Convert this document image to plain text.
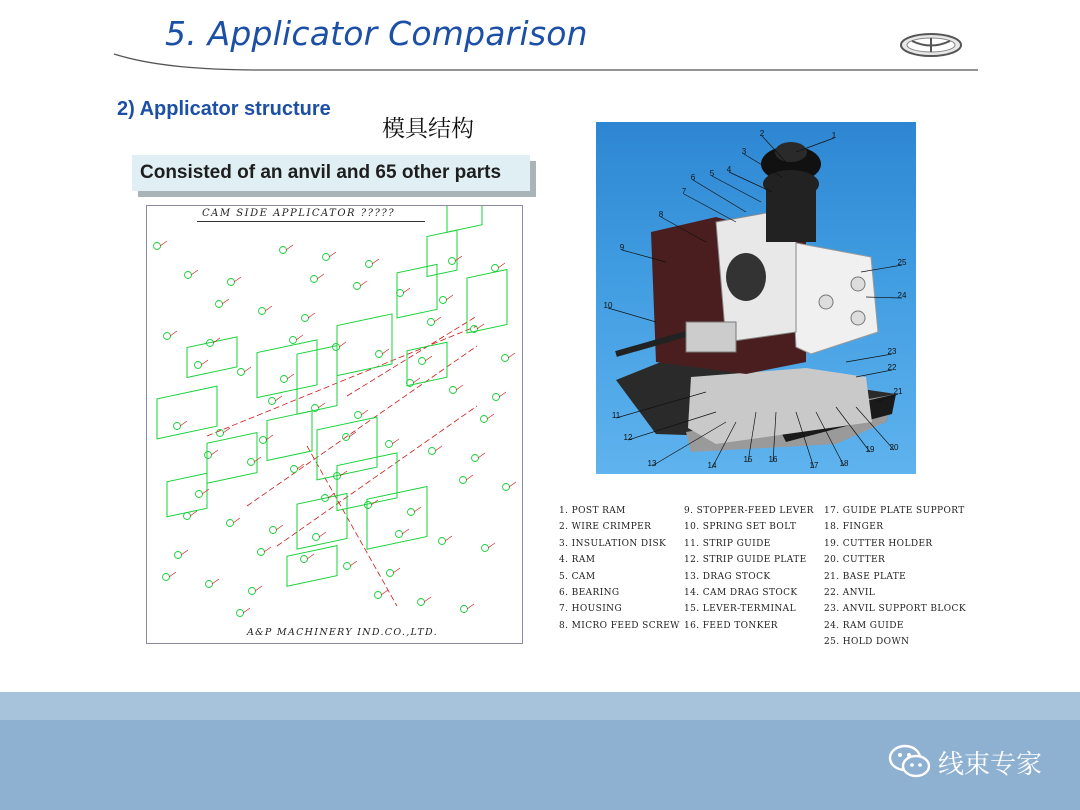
5. Applicator Comparison
2) Applicator structure
模具结构
Consisted of an anvil and 65 other parts
CAM SIDE APPLICATOR ?????
A&P MACHINERY IND.CO.,LTD.
1
2
3
4
5
6
7
8
9
10
11
12
13	14
15 16
17	18
19 20
21
22
23
24
25
1. POST RAM
2. WIRE CRIMPER
3. INSULATION DISK
4. RAM
5. CAM
6. BEARING
7. HOUSING
8. MICRO FEED SCREW
9. STOPPER-FEED LEVER
10. SPRING SET BOLT
11. STRIP GUIDE
12. STRIP GUIDE PLATE
13. DRAG STOCK
14. CAM DRAG STOCK
15. LEVER-TERMINAL
16. FEED TONKER
17. GUIDE PLATE SUPPORT
18. FINGER
19. CUTTER HOLDER
20. CUTTER
21. BASE PLATE
22. ANVIL
23. ANVIL SUPPORT BLOCK
24. RAM GUIDE
25. HOLD DOWN
线束专家
